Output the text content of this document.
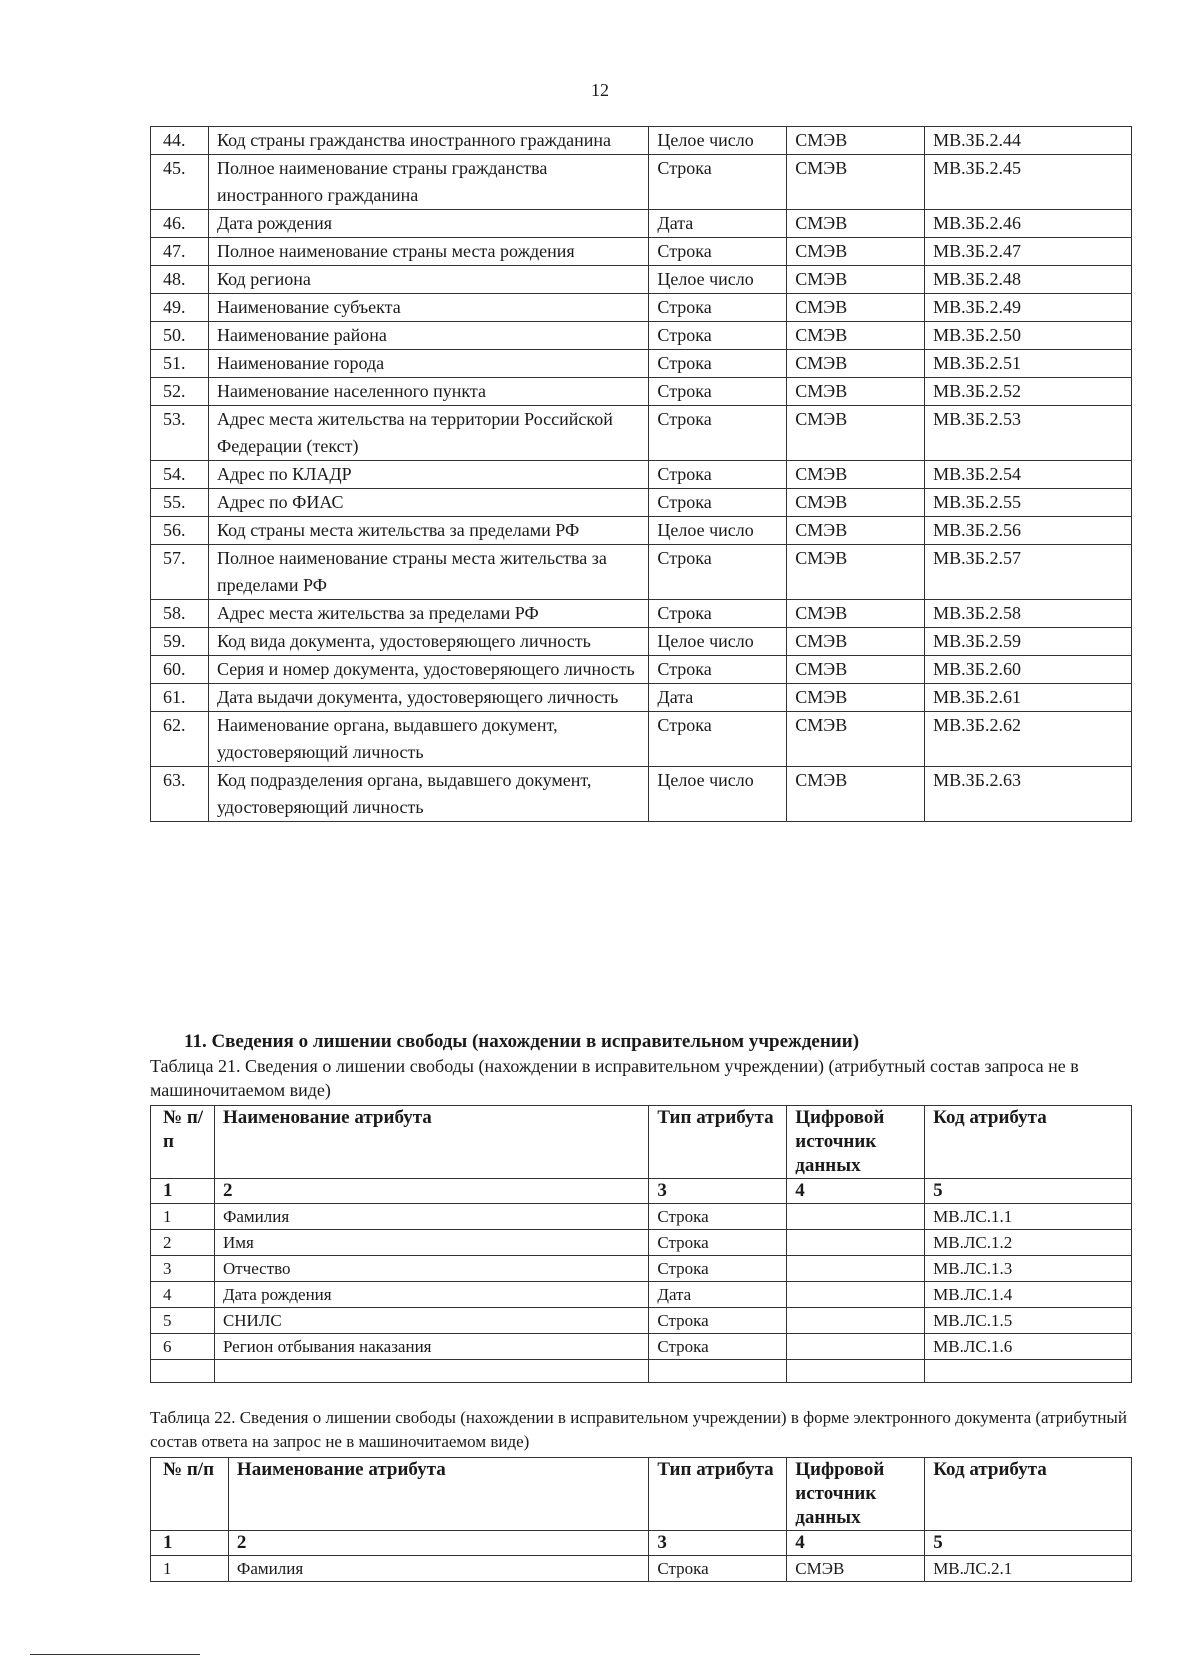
12
44.	Код страны гражданства иностранного гражданина	Целое число	СМЭВ	МВ.ЗБ.2.44
45.	Полное наименование страны гражданства иностранного гражданина	Строка	СМЭВ	МВ.ЗБ.2.45
46.	Дата рождения	Дата	СМЭВ	МВ.ЗБ.2.46
47.	Полное наименование страны места рождения	Строка	СМЭВ	МВ.ЗБ.2.47
48.	Код региона	Целое число	СМЭВ	МВ.ЗБ.2.48
49.	Наименование субъекта	Строка	СМЭВ	МВ.ЗБ.2.49
50.	Наименование района	Строка	СМЭВ	МВ.ЗБ.2.50
51.	Наименование города	Строка	СМЭВ	МВ.ЗБ.2.51
52.	Наименование населенного пункта	Строка	СМЭВ	МВ.ЗБ.2.52
53.	Адрес места жительства на территории Российской Федерации (текст)	Строка	СМЭВ	МВ.ЗБ.2.53
54.	Адрес по КЛАДР	Строка	СМЭВ	МВ.ЗБ.2.54
55.	Адрес по ФИАС	Строка	СМЭВ	МВ.ЗБ.2.55
56.	Код страны места жительства за пределами РФ	Целое число	СМЭВ	МВ.ЗБ.2.56
57.	Полное наименование страны места жительства за пределами РФ	Строка	СМЭВ	МВ.ЗБ.2.57
58.	Адрес места жительства за пределами РФ	Строка	СМЭВ	МВ.ЗБ.2.58
59.	Код вида документа, удостоверяющего личность	Целое число	СМЭВ	МВ.ЗБ.2.59
60.	Серия и номер документа, удостоверяющего личность	Строка	СМЭВ	МВ.ЗБ.2.60
61.	Дата выдачи документа, удостоверяющего личность	Дата	СМЭВ	МВ.ЗБ.2.61
62.	Наименование органа, выдавшего документ, удостоверяющий личность	Строка	СМЭВ	МВ.ЗБ.2.62
63.	Код подразделения органа, выдавшего документ, удостоверяющий личность	Целое число	СМЭВ	МВ.ЗБ.2.63
11. Сведения о лишении свободы (нахождении в исправительном учреждении)
Таблица 21. Сведения о лишении свободы (нахождении в исправительном учреждении) (атрибутный состав запроса не в машиночитаемом виде)
№ п/п	Наименование атрибута	Тип атрибута	Цифровой источник данных	Код атрибута
1	2	3	4	5
1	Фамилия	Строка		МВ.ЛС.1.1
2	Имя	Строка		МВ.ЛС.1.2
3	Отчество	Строка		МВ.ЛС.1.3
4	Дата рождения	Дата		МВ.ЛС.1.4
5	СНИЛС	Строка		МВ.ЛС.1.5
6	Регион отбывания наказания	Строка		МВ.ЛС.1.6

Таблица 22. Сведения о лишении свободы (нахождении в исправительном учреждении) в форме электронного документа (атрибутный состав ответа на запрос не в машиночитаемом виде)
№ п/п	Наименование атрибута	Тип атрибута	Цифровой источник данных	Код атрибута
1	2	3	4	5
1	Фамилия	Строка	СМЭВ	МВ.ЛС.2.1
